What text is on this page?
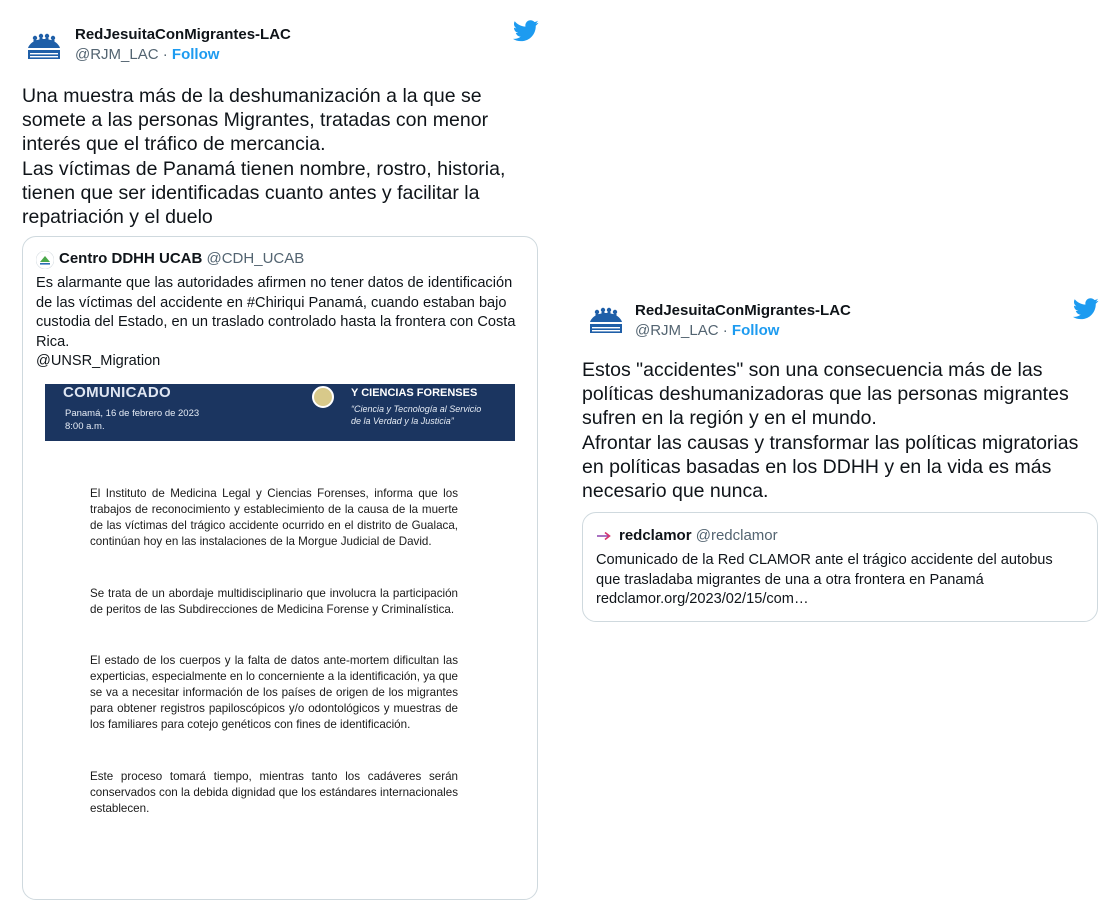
RedJesuitaConMigrantes-LAC
@RJM_LAC · Follow
Una muestra más de la deshumanización a la que se
somete a las personas Migrantes, tratadas con menor
interés que el tráfico de mercancia.
Las víctimas de Panamá tienen nombre, rostro, historia,
tienen que ser identificadas cuanto antes y facilitar la
repatriación y el duelo
Centro DDHH UCAB @CDH_UCAB
Es alarmante que las autoridades afirmen no tener datos de identificación
de las víctimas del accidente en #Chiriqui Panamá, cuando estaban bajo
custodia del Estado, en un traslado controlado hasta la frontera con Costa
Rica.
@UNSR_Migration
COMUNICADO
Panamá, 16 de febrero de 2023
8:00 a.m.
Y CIENCIAS FORENSES
“Ciencia y Tecnología al Servicio
de la Verdad y la Justicia”
El Instituto de Medicina Legal y Ciencias Forenses, informa que los trabajos de reconocimiento y establecimiento de la causa de la muerte de las víctimas del trágico accidente ocurrido en el distrito de Gualaca, continúan hoy en las instalaciones de la Morgue Judicial de David.
Se trata de un abordaje multidisciplinario que involucra la participación de peritos de las Subdirecciones de Medicina Forense y Criminalística.
El estado de los cuerpos y la falta de datos ante-mortem dificultan las experticias, especialmente en lo concerniente a la identificación, ya que se va a necesitar información de los países de origen de los migrantes para obtener registros papiloscópicos y/o odontológicos y muestras de los familiares para cotejo genéticos con fines de identificación.
Este proceso tomará tiempo, mientras tanto los cadáveres serán conservados con la debida dignidad que los estándares internacionales establecen.
RedJesuitaConMigrantes-LAC
@RJM_LAC · Follow
Estos "accidentes" son una consecuencia más de las
políticas deshumanizadoras que las personas migrantes
sufren en la región y en el mundo.
Afrontar las causas y transformar las políticas migratorias
en políticas basadas en los DDHH y en la vida es más
necesario que nunca.
redclamor @redclamor
Comunicado de la Red CLAMOR ante el trágico accidente del autobus
que trasladaba migrantes de una a otra frontera en Panamá
redclamor.org/2023/02/15/com…
